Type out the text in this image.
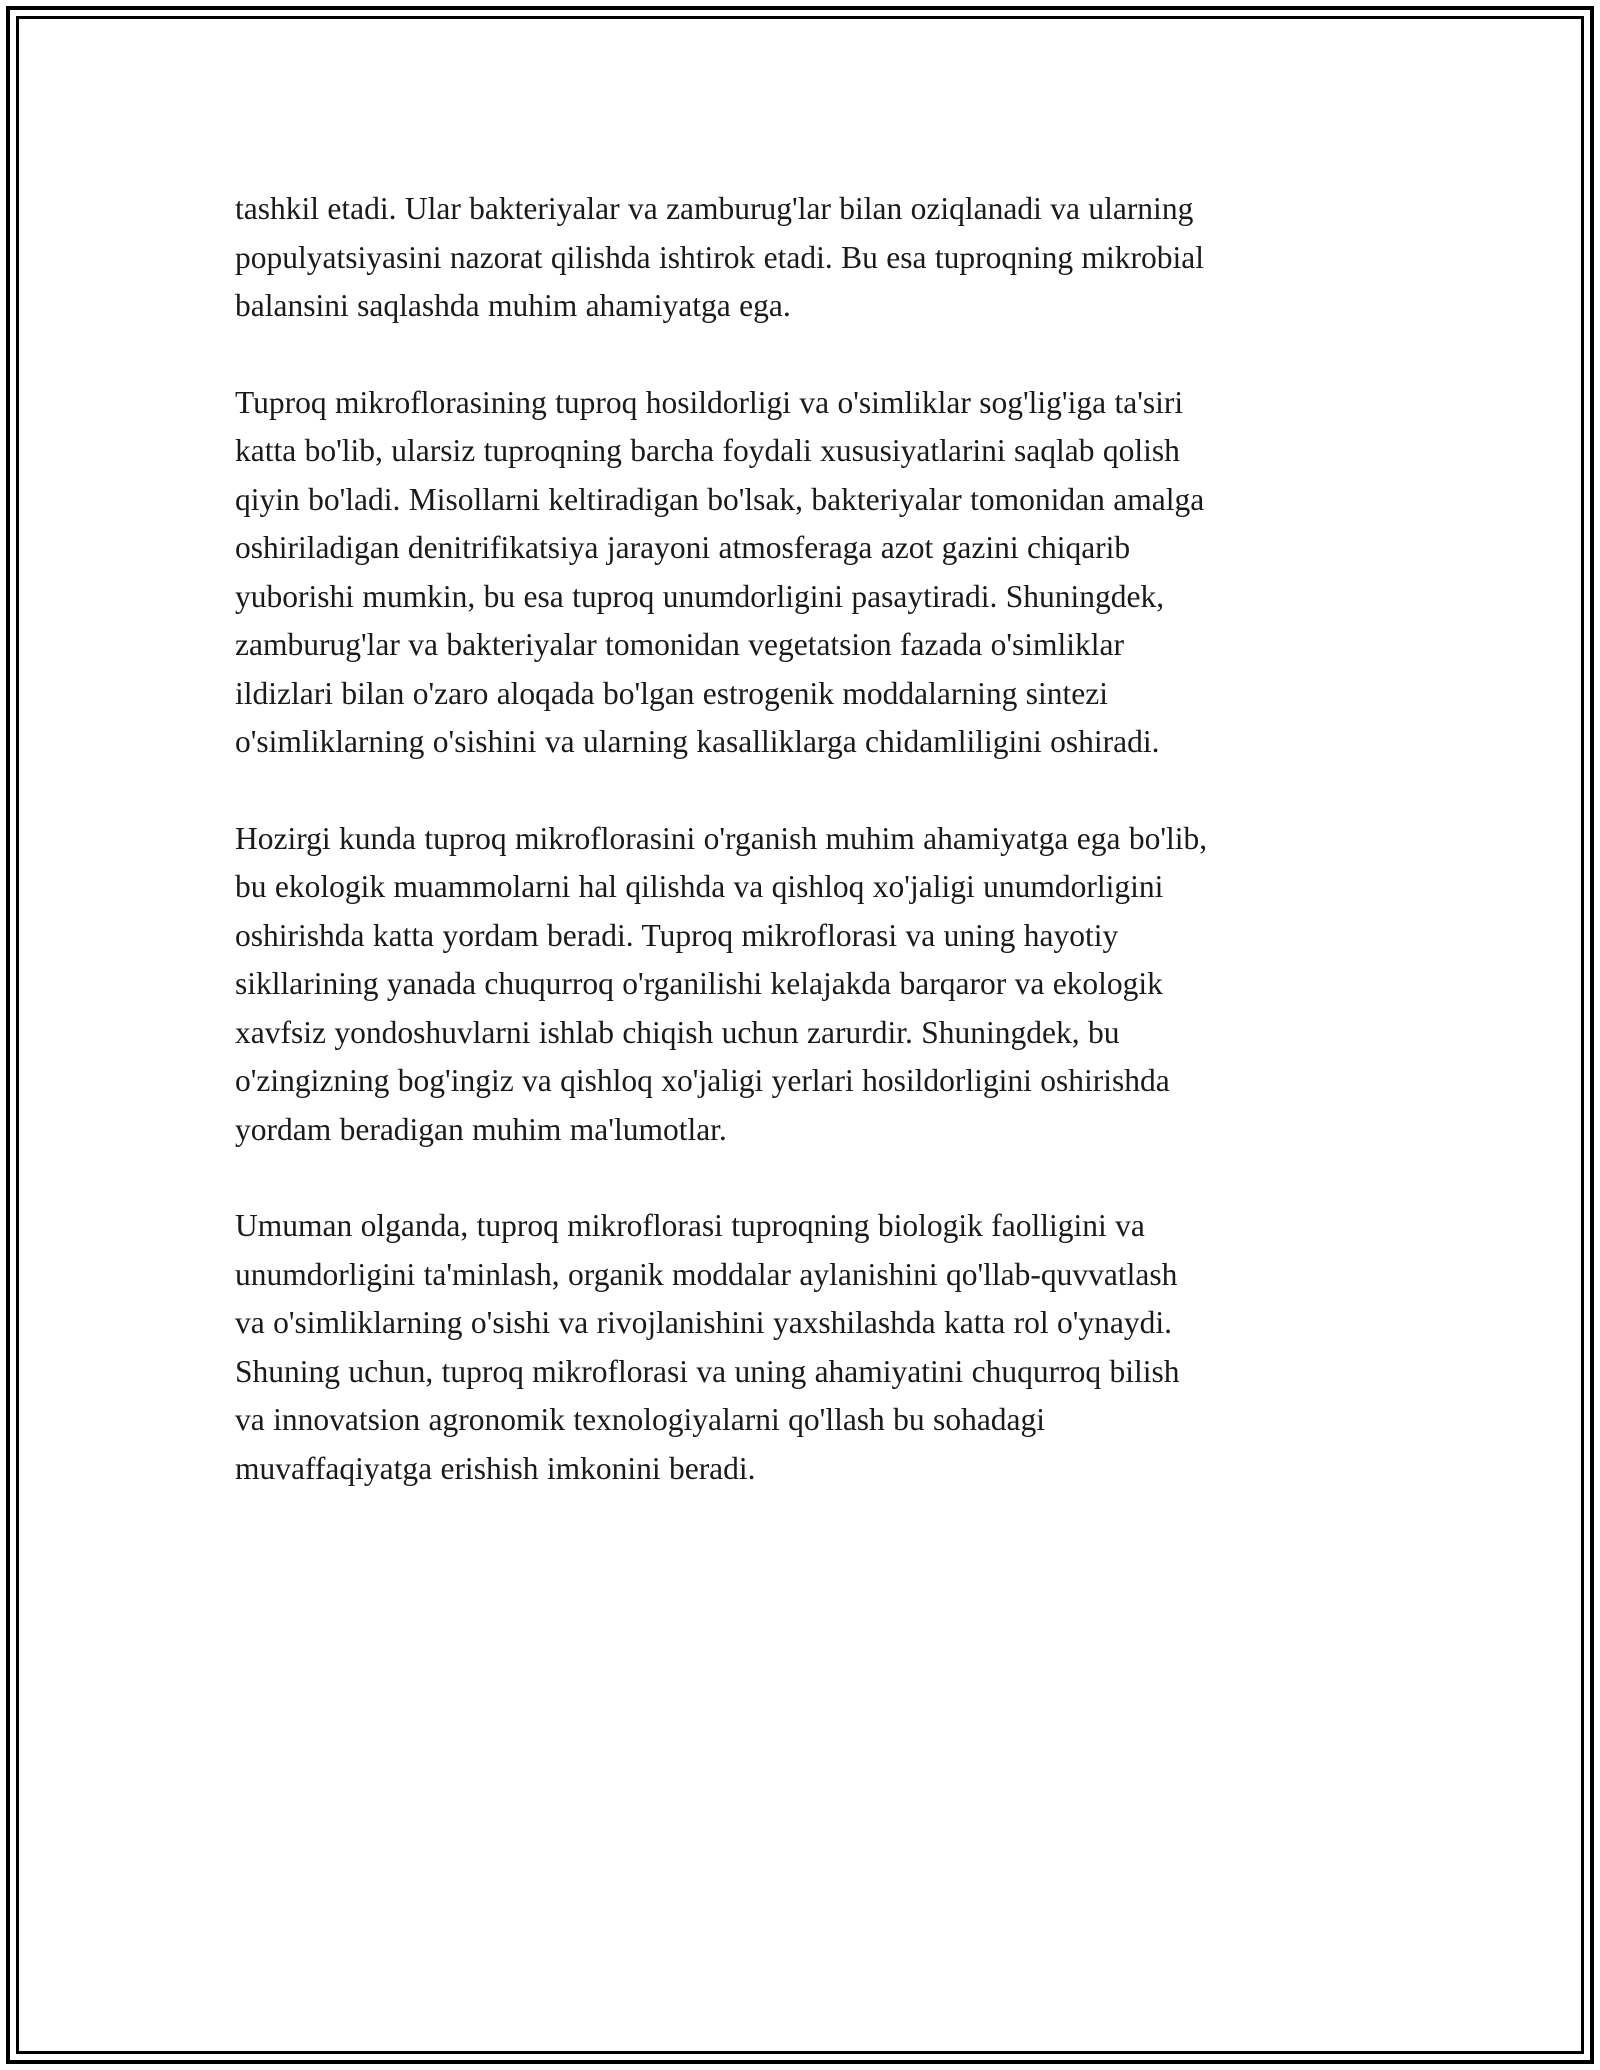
tashkil etadi. Ular bakteriyalar va zamburug'lar bilan oziqlanadi va ularning
populyatsiyasini nazorat qilishda ishtirok etadi. Bu esa tuproqning mikrobial
balansini saqlashda muhim ahamiyatga ega.

Tuproq mikroflorasining tuproq hosildorligi va o'simliklar sog'lig'iga ta'siri
katta bo'lib, ularsiz tuproqning barcha foydali xususiyatlarini saqlab qolish
qiyin bo'ladi. Misollarni keltiradigan bo'lsak, bakteriyalar tomonidan amalga
oshiriladigan denitrifikatsiya jarayoni atmosferaga azot gazini chiqarib
yuborishi mumkin, bu esa tuproq unumdorligini pasaytiradi. Shuningdek,
zamburug'lar va bakteriyalar tomonidan vegetatsion fazada o'simliklar
ildizlari bilan o'zaro aloqada bo'lgan estrogenik moddalarning sintezi
o'simliklarning o'sishini va ularning kasalliklarga chidamliligini oshiradi.

Hozirgi kunda tuproq mikroflorasini o'rganish muhim ahamiyatga ega bo'lib,
bu ekologik muammolarni hal qilishda va qishloq xo'jaligi unumdorligini
oshirishda katta yordam beradi. Tuproq mikroflorasi va uning hayotiy
sikllarining yanada chuqurroq o'rganilishi kelajakda barqaror va ekologik
xavfsiz yondoshuvlarni ishlab chiqish uchun zarurdir. Shuningdek, bu
o'zingizning bog'ingiz va qishloq xo'jaligi yerlari hosildorligini oshirishda
yordam beradigan muhim ma'lumotlar.

Umuman olganda, tuproq mikroflorasi tuproqning biologik faolligini va
unumdorligini ta'minlash, organik moddalar aylanishini qo'llab-quvvatlash
va o'simliklarning o'sishi va rivojlanishini yaxshilashda katta rol o'ynaydi.
Shuning uchun, tuproq mikroflorasi va uning ahamiyatini chuqurroq bilish
va innovatsion agronomik texnologiyalarni qo'llash bu sohadagi
muvaffaqiyatga erishish imkonini beradi.
